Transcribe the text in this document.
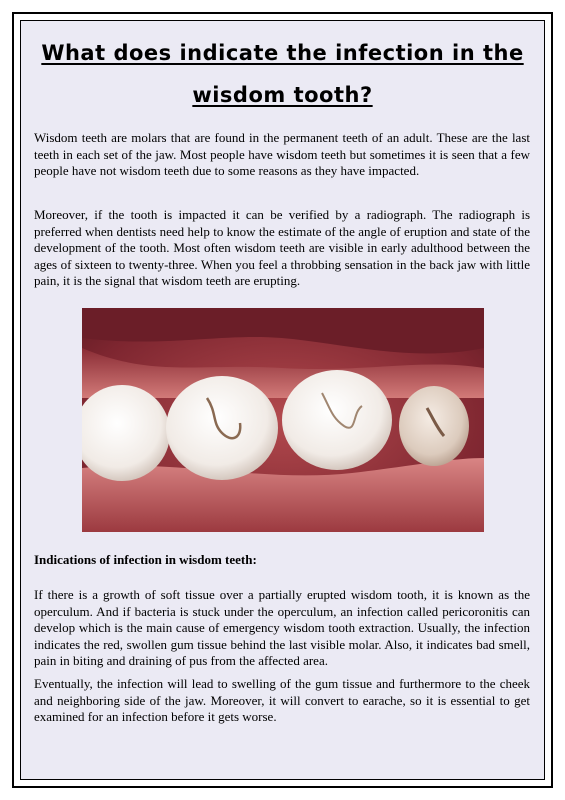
What does indicate the infection in the wisdom tooth?

Wisdom teeth are molars that are found in the permanent teeth of an adult. These are the last teeth in each set of the jaw. Most people have wisdom teeth but sometimes it is seen that a few people have not wisdom teeth due to some reasons as they have impacted.

Moreover, if the tooth is impacted it can be verified by a radiograph. The radiograph is preferred when dentists need help to know the estimate of the angle of eruption and state of the development of the tooth. Most often wisdom teeth are visible in early adulthood between the ages of sixteen to twenty-three. When you feel a throbbing sensation in the back jaw with little pain, it is the signal that wisdom teeth are erupting.

Indications of infection in wisdom teeth:

If there is a growth of soft tissue over a partially erupted wisdom tooth, it is known as the operculum. And if bacteria is stuck under the operculum, an infection called pericoronitis can develop which is the main cause of emergency wisdom tooth extraction. Usually, the infection indicates the red, swollen gum tissue behind the last visible molar. Also, it indicates bad smell, pain in biting and draining of pus from the affected area.

Eventually, the infection will lead to swelling of the gum tissue and furthermore to the cheek and neighboring side of the jaw. Moreover, it will convert to earache, so it is essential to get examined for an infection before it gets worse.
